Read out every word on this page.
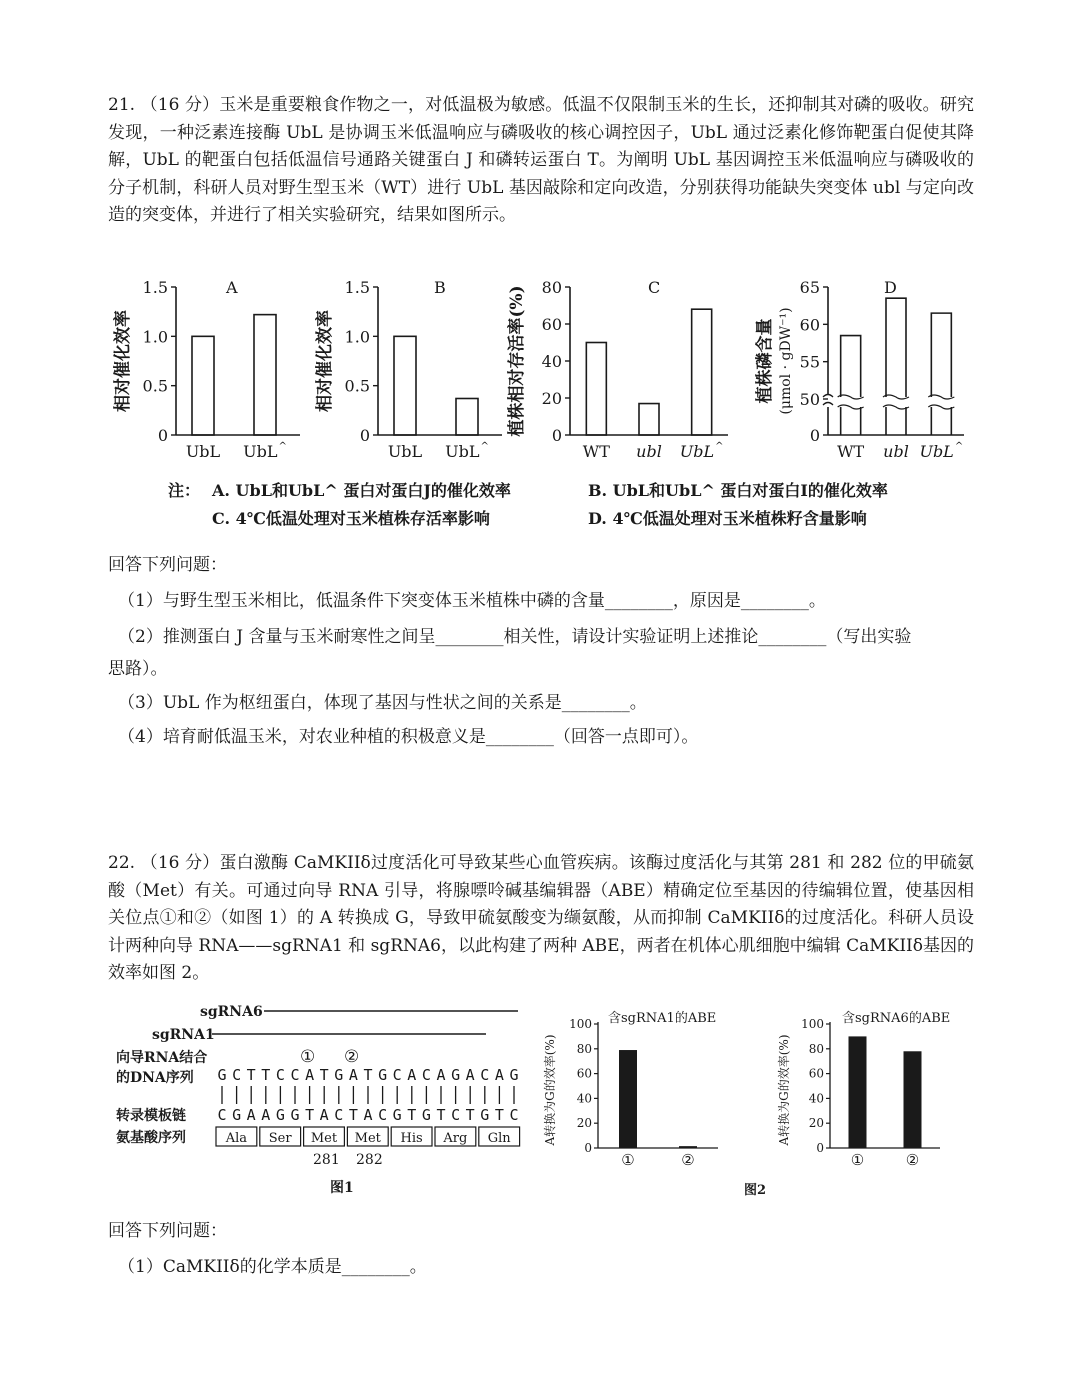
21. （16 分）玉米是重要粮食作物之一，对低温极为敏感。低温不仅限制玉米的生长，还抑制其对磷的吸收。研究发现，一种泛素连接酶 UbL 是协调玉米低温响应与磷吸收的核心调控因子，UbL 通过泛素化修饰靶蛋白促使其降解，UbL 的靶蛋白包括低温信号通路关键蛋白 J 和磷转运蛋白 T。为阐明 UbL 基因调控玉米低温响应与磷吸收的分子机制，科研人员对野生型玉米（WT）进行 UbL 基因敲除和定向改造，分别获得功能缺失突变体 ubl 与定向改造的突变体，并进行了相关实验研究，结果如图所示。
0
0.5
1.0
1.5	A
相对催化效率
UbL UbL^
0
0.5
1.0
1.5	B
相对催化效率
UbL UbL^
0
20
40
60
80	C
植株相对存活率(%)
WT ubl UbL^
0
50
55
60
65	D
植株磷含量 (μmol · gDW⁻¹)
WT ubl UbL^
注： A. UbL和UbL^ 蛋白对蛋白J的催化效率	B. UbL和UbL^ 蛋白对蛋白I的催化效率
C. 4℃低温处理对玉米植株存活率影响	D. 4℃低温处理对玉米植株籽含量影响
回答下列问题：
（1）与野生型玉米相比，低温条件下突变体玉米植株中磷的含量________，原因是________。
（2）推测蛋白 J 含量与玉米耐寒性之间呈________相关性，请设计实验证明上述推论________（写出实验
思路）。
（3）UbL 作为枢纽蛋白，体现了基因与性状之间的关系是________。
（4）培育耐低温玉米，对农业种植的积极意义是________（回答一点即可）。
22. （16 分）蛋白激酶 CaMKIIδ过度活化可导致某些心血管疾病。该酶过度活化与其第 281 和 282 位的甲硫氨酸（Met）有关。可通过向导 RNA 引导，将腺嘌呤碱基编辑器（ABE）精确定位至基因的待编辑位置，使基因相关位点①和②（如图 1）的 A 转换成 G，导致甲硫氨酸变为缬氨酸，从而抑制 CaMKIIδ的过度活化。科研人员设计两种向导 RNA——sgRNA1 和 sgRNA6，以此构建了两种 ABE，两者在机体心肌细胞中编辑 CaMKIIδ基因的效率如图 2。
sgRNA6
sgRNA1
向导RNA结合
的DNA序列
① ②
G C T T C C A T G A T G C A C A G A C A G
转录模板链 C G A A G G T A C T A C G T G T C T G T C
氨基酸序列	Ala Ser Met Met His Arg Gln
281 282
图1
0
20
40
60
80
100 含sgRNA1的ABE
A转换为G的效率(%)
①	②
0
20
40
60
80
100 含sgRNA6的ABE
A转换为G的效率(%)
①	②
图2
回答下列问题：
（1）CaMKIIδ的化学本质是________。
